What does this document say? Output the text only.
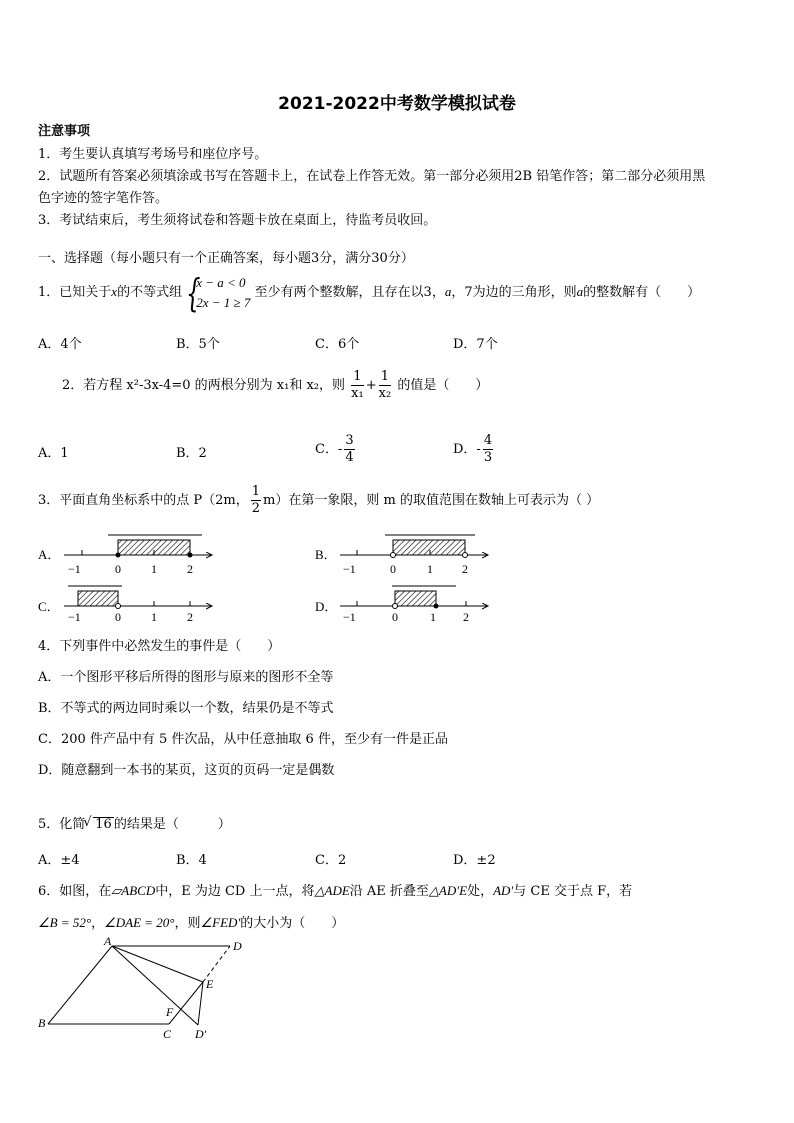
2021-2022中考数学模拟试卷
注意事项
1．考生要认真填写考场号和座位序号。
2．试题所有答案必须填涂或书写在答题卡上，在试卷上作答无效。第一部分必须用2B 铅笔作答；第二部分必须用黑
色字迹的签字笔作答。
3．考试结束后，考生须将试卷和答题卡放在桌面上，待监考员收回。
一、选择题（每小题只有一个正确答案，每小题3分，满分30分）
1．已知关于x的不等式组 {
x − a < 0
2x − 1 ≥ 7
至少有两个整数解，且存在以3，a，7为边的三角形，则a的整数解有（　　）
A．4个	B．5个	C．6个	D．7个
2．若方程 x²-3x-4=0 的两根分别为 x₁和 x₂，则 $\frac{1}{\text{x₁}} + \frac{1}{\text{x₂}}$ 的值是（　　）
A．1	B．2	C．- $\frac{3}{4}$	D．- $\frac{4}{3}$
3．平面直角坐标系中的点 P（2m， $\frac{1}{2} m$）在第一象限，则 m 的取值范围在数轴上可表示为（ ）
A．
−1	0	1	2
B．
−1	0	1 2
C．
−1	0	1	2
D．
−1	0	1 2
4．下列事件中必然发生的事件是（　　）
A．一个图形平移后所得的图形与原来的图形不全等
B．不等式的两边同时乘以一个数，结果仍是不等式
C．200 件产品中有 5 件次品，从中任意抽取 6 件，至少有一件是正品
D．随意翻到一本书的某页，这页的页码一定是偶数
5．化简√ 16 的结果是（　　　）
A．±4	B．4	C．2	D．±2
6．如图，在▱ABCD中，E 为边 CD 上一点，将△ADE沿 AE 折叠至△AD′E处，AD′与 CE 交于点 F，若
∠B = 52°，∠DAE = 20°，则∠FED′的大小为（　　）
A	D
E
B
F
C D′
